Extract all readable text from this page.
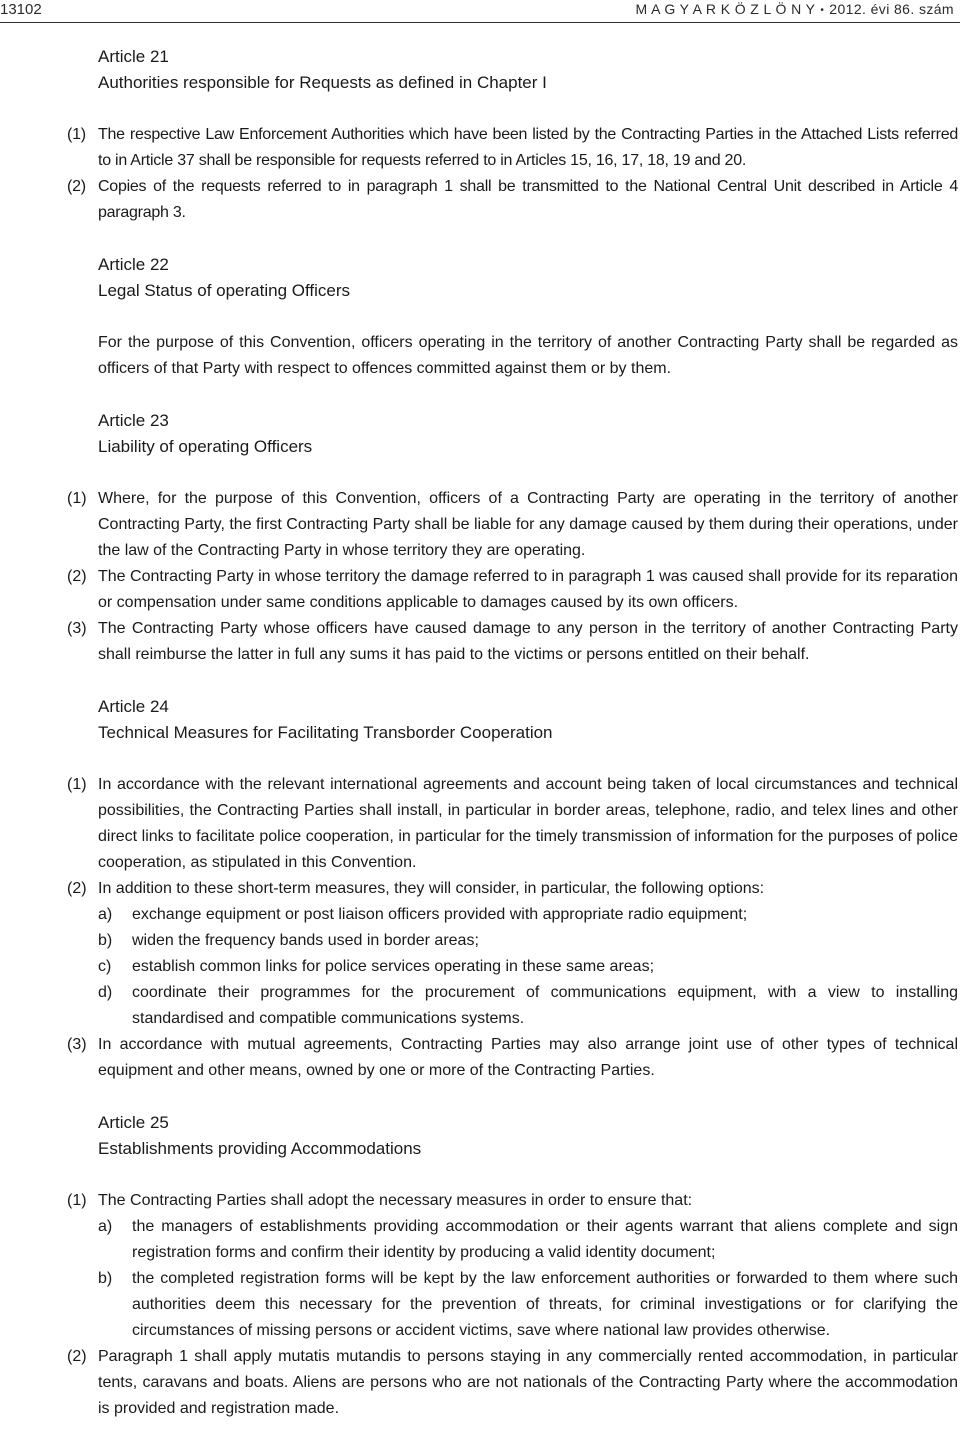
13102	M A G Y A R K Ö Z L Ö N Y • 2012. évi 86. szám
Article 21
Authorities responsible for Requests as defined in Chapter I
(1) The respective Law Enforcement Authorities which have been listed by the Contracting Parties in the Attached Lists referred to in Article 37 shall be responsible for requests referred to in Articles 15, 16, 17, 18, 19 and 20.
(2) Copies of the requests referred to in paragraph 1 shall be transmitted to the National Central Unit described in Article 4 paragraph 3.
Article 22
Legal Status of operating Officers
For the purpose of this Convention, officers operating in the territory of another Contracting Party shall be regarded as officers of that Party with respect to offences committed against them or by them.
Article 23
Liability of operating Officers
(1) Where, for the purpose of this Convention, officers of a Contracting Party are operating in the territory of another Contracting Party, the first Contracting Party shall be liable for any damage caused by them during their operations, under the law of the Contracting Party in whose territory they are operating.
(2) The Contracting Party in whose territory the damage referred to in paragraph 1 was caused shall provide for its reparation or compensation under same conditions applicable to damages caused by its own officers.
(3) The Contracting Party whose officers have caused damage to any person in the territory of another Contracting Party shall reimburse the latter in full any sums it has paid to the victims or persons entitled on their behalf.
Article 24
Technical Measures for Facilitating Transborder Cooperation
(1) In accordance with the relevant international agreements and account being taken of local circumstances and technical possibilities, the Contracting Parties shall install, in particular in border areas, telephone, radio, and telex lines and other direct links to facilitate police cooperation, in particular for the timely transmission of information for the purposes of police cooperation, as stipulated in this Convention.
(2) In addition to these short-term measures, they will consider, in particular, the following options:
a) exchange equipment or post liaison officers provided with appropriate radio equipment;
b) widen the frequency bands used in border areas;
c) establish common links for police services operating in these same areas;
d) coordinate their programmes for the procurement of communications equipment, with a view to installing standardised and compatible communications systems.
(3) In accordance with mutual agreements, Contracting Parties may also arrange joint use of other types of technical equipment and other means, owned by one or more of the Contracting Parties.
Article 25
Establishments providing Accommodations
(1) The Contracting Parties shall adopt the necessary measures in order to ensure that:
a) the managers of establishments providing accommodation or their agents warrant that aliens complete and sign registration forms and confirm their identity by producing a valid identity document;
b) the completed registration forms will be kept by the law enforcement authorities or forwarded to them where such authorities deem this necessary for the prevention of threats, for criminal investigations or for clarifying the circumstances of missing persons or accident victims, save where national law provides otherwise.
(2) Paragraph 1 shall apply mutatis mutandis to persons staying in any commercially rented accommodation, in particular tents, caravans and boats. Aliens are persons who are not nationals of the Contracting Party where the accommodation is provided and registration made.
